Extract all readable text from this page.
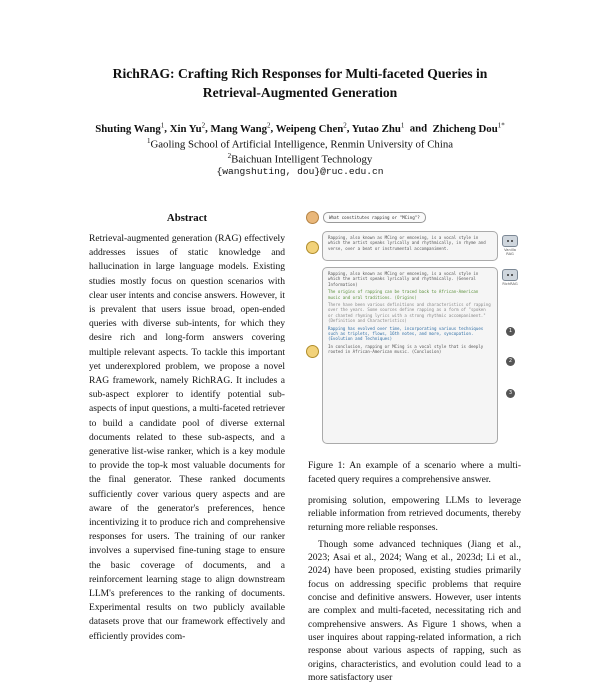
RichRAG: Crafting Rich Responses for Multi-faceted Queries in
Retrieval-Augmented Generation
Shuting Wang$^1$, Xin Yu$^2$, Mang Wang$^2$, Weipeng Chen$^2$, Yutao Zhu$^1$ and Zhicheng Dou$^{1*}$
$^1$Gaoling School of Artificial Intelligence, Renmin University of China
$^2$Baichuan Intelligent Technology
{wangshuting, dou}@ruc.edu.cn
Abstract

Retrieval-augmented generation (RAG) effectively addresses issues of static knowledge and hallucination in large language models. Existing studies mostly focus on question scenarios with clear user intents and concise answers. However, it is prevalent that users issue broad, open-ended queries with diverse sub-intents, for which they desire rich and long-form answers covering multiple relevant aspects. To tackle this important yet underexplored problem, we propose a novel RAG framework, namely RichRAG. It includes a sub-aspect explorer to identify potential sub-aspects of input questions, a multi-faceted retriever to build a candidate pool of diverse external documents related to these sub-aspects, and a generative list-wise ranker, which is a key module to provide the top-k most valuable documents for the final generator. These ranked documents sufficiently cover various query aspects and are aware of the generator's preferences, hence incentivizing it to produce rich and comprehensive responses for users. The training of our ranker involves a supervised fine-tuning stage to ensure the basic coverage of documents, and a reinforcement learning stage to align downstream LLM's preferences to the ranking of documents. Experimental results on two publicly available datasets prove that our framework effectively and efficiently provides com-

What constitutes rapping or "MCing"?
Rapping, also known as MCing or emceeing, is a vocal style in which the artist speaks lyrically and rhythmically, in rhyme and verse, over a beat or instrumental accompaniment.	Vanilla RAG
Rapping, also known as MCing or emceeing, is a vocal style in which the artist speaks lyrically and rhythmically. (General Information)
The origins of rapping can be traced back to African-American music and oral traditions. (Origins)
There have been various definitions and characteristics of rapping over the years. Some sources define rapping as a form of "spoken or chanted rhyming lyrics with a strong rhythmic accompaniment." (Definition and Characteristics)
Rapping has evolved over time, incorporating various techniques such as triplets, flows, 16th notes, and more, syncopation. (Evolution and Techniques)
In conclusion, rapping or MCing is a vocal style that is deeply rooted in African-American music. (Conclusion)
RichRAG
1
2
3
Figure 1: An example of a scenario where a multi-faceted query requires a comprehensive answer.

promising solution, empowering LLMs to leverage reliable information from retrieved documents, thereby returning more reliable responses.

Though some advanced techniques (Jiang et al., 2023; Asai et al., 2024; Wang et al., 2023d; Li et al., 2024) have been proposed, existing studies primarily focus on addressing specific problems that require concise and definitive answers. However, user intents are complex and multi-faceted, necessitating rich and comprehensive answers. As Figure 1 shows, when a user inquires about rapping-related information, a rich response about various aspects of rapping, such as origins, characteristics, and evolution could lead to a more satisfactory user
